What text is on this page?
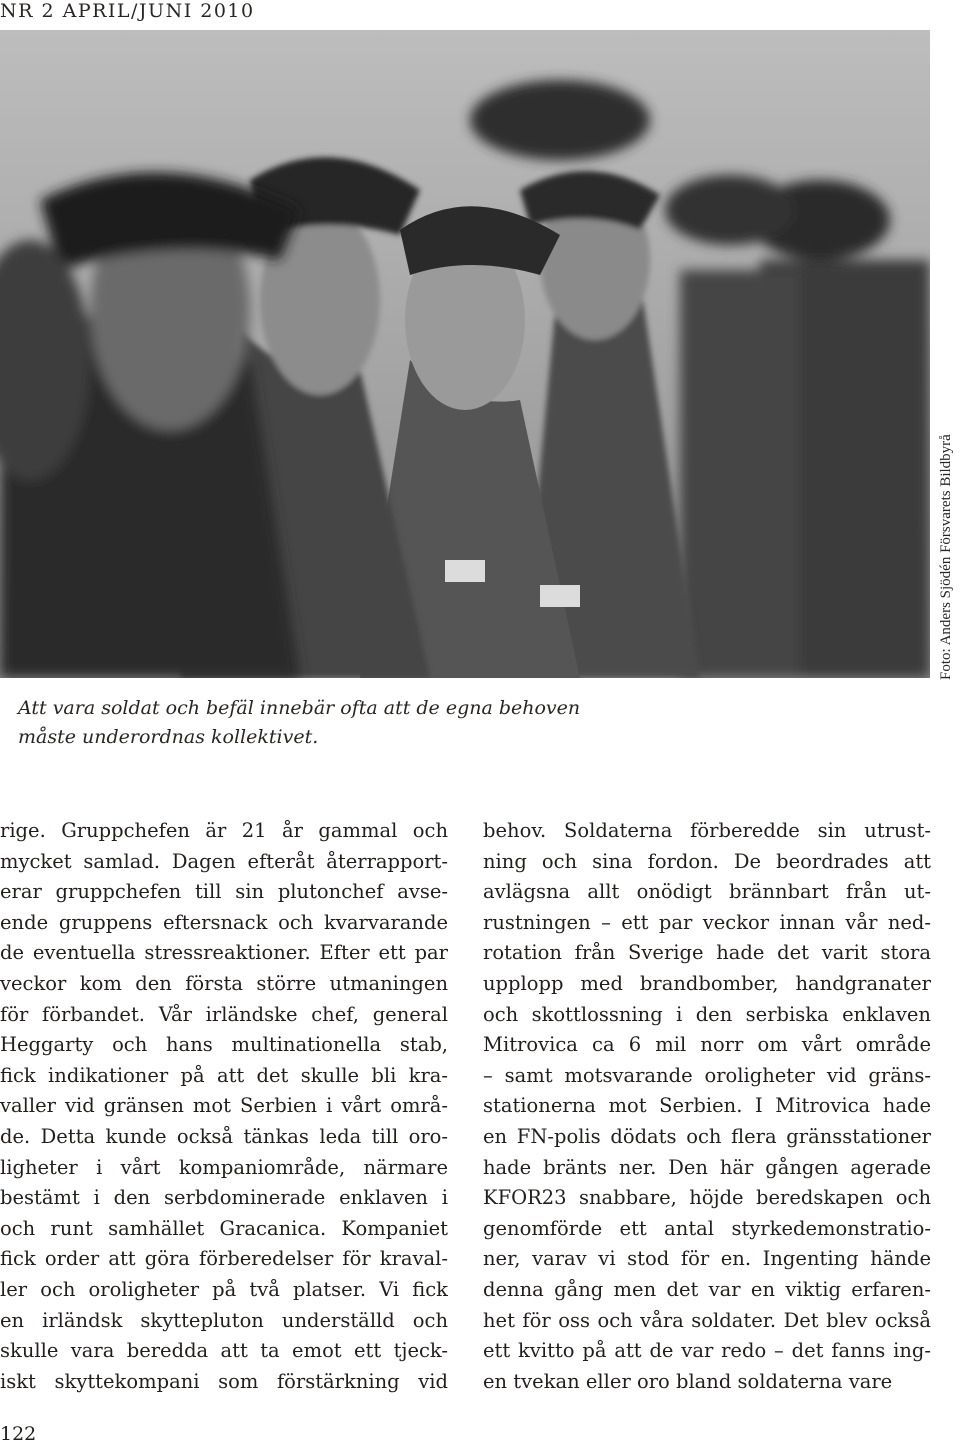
NR 2 APRIL/JUNI 2010
Foto: Anders Sjödén Försvarets Bildbyrå
Att vara soldat och befäl innebär ofta att de egna behoven
måste underordnas kollektivet.
rige. Gruppchefen är 21 år gammal och
mycket samlad. Dagen efteråt återrapport-
erar gruppchefen till sin plutonchef avse-
ende gruppens eftersnack och kvarvarande
de eventuella stressreaktioner. Efter ett par
veckor kom den första större utmaningen
för förbandet. Vår irländske chef, general
Heggarty och hans multinationella stab,
fick indikationer på att det skulle bli kra-
valler vid gränsen mot Serbien i vårt områ-
de. Detta kunde också tänkas leda till oro-
ligheter i vårt kompaniområde, närmare
bestämt i den serbdominerade enklaven i
och runt samhället Gracanica. Kompaniet
fick order att göra förberedelser för kraval-
ler och oroligheter på två platser. Vi fick
en irländsk skyttepluton underställd och
skulle vara beredda att ta emot ett tjeck-
iskt skyttekompani som förstärkning vid
behov. Soldaterna förberedde sin utrust-
ning och sina fordon. De beordrades att
avlägsna allt onödigt brännbart från ut-
rustningen – ett par veckor innan vår ned-
rotation från Sverige hade det varit stora
upplopp med brandbomber, handgranater
och skottlossning i den serbiska enklaven
Mitrovica ca 6 mil norr om vårt område
– samt motsvarande oroligheter vid gräns-
stationerna mot Serbien. I Mitrovica hade
en FN-polis dödats och flera gränsstationer
hade bränts ner. Den här gången agerade
KFOR23 snabbare, höjde beredskapen och
genomförde ett antal styrkedemonstratio-
ner, varav vi stod för en. Ingenting hände
denna gång men det var en viktig erfaren-
het för oss och våra soldater. Det blev också
ett kvitto på att de var redo – det fanns ing-
en tvekan eller oro bland soldaterna vare
122
